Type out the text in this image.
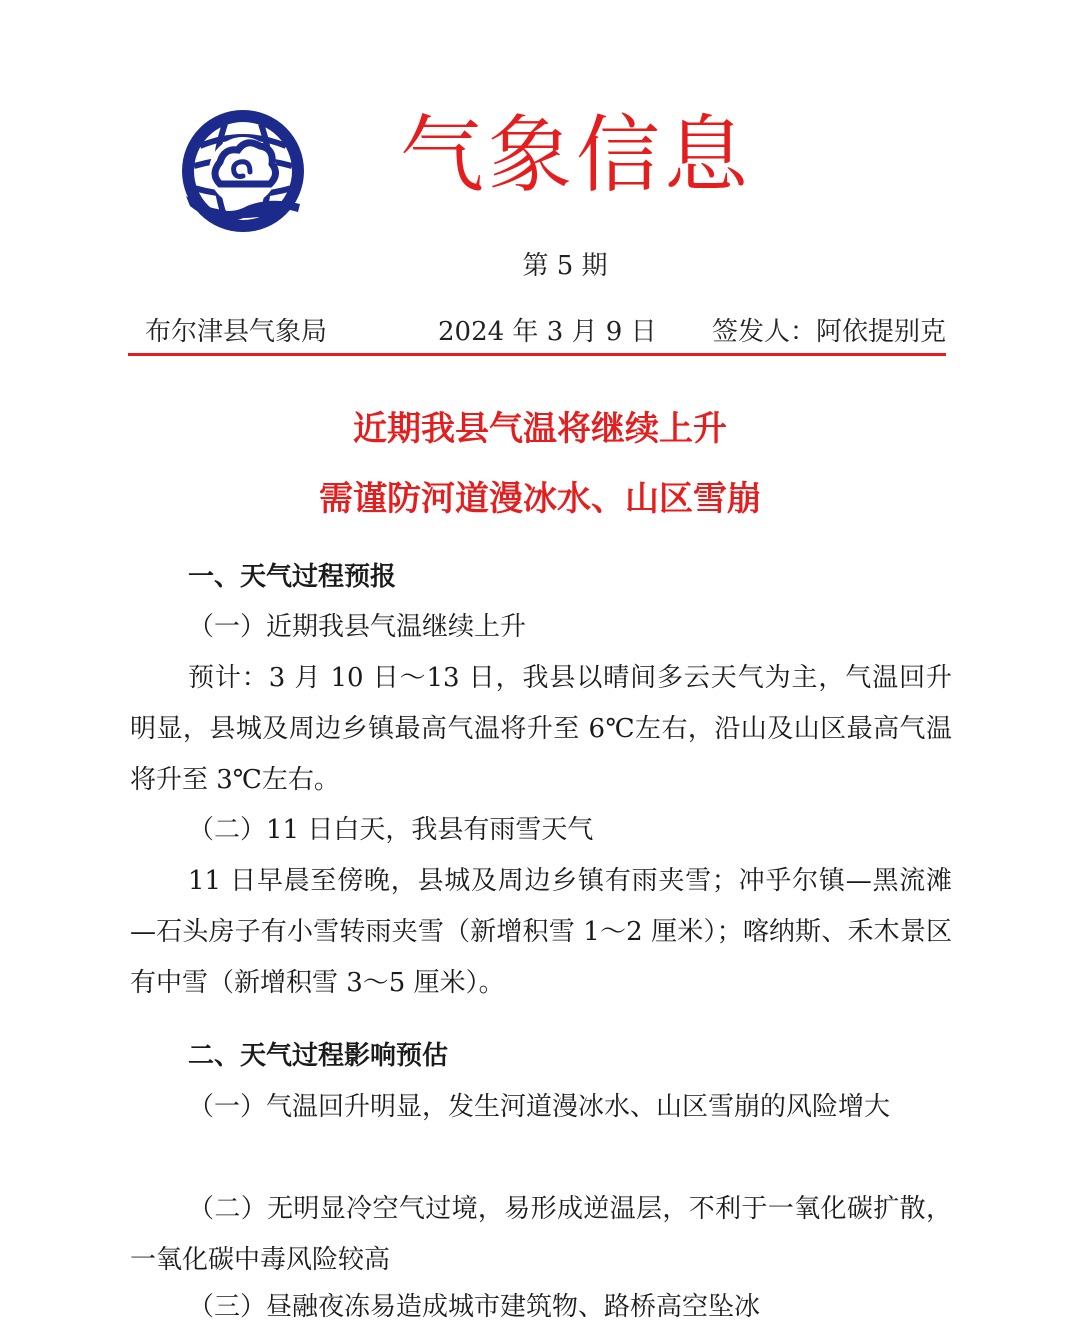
气象信息
第 5 期
布尔津县气象局	2024 年 3 月 9 日 签发人：阿依提别克
近期我县气温将继续上升
需谨防河道漫冰水、山区雪崩
一、天气过程预报
（一）近期我县气温继续上升

预计：3 月 10 日～13 日，我县以晴间多云天气为主，气温回升明显，县城及周边乡镇最高气温将升至 6℃左右，沿山及山区最高气温将升至 3℃左右。

（二）11 日白天，我县有雨雪天气

11 日早晨至傍晚，县城及周边乡镇有雨夹雪；冲乎尔镇—黑流滩—石头房子有小雪转雨夹雪（新增积雪 1～2 厘米）；喀纳斯、禾木景区有中雪（新增积雪 3～5 厘米）。

二、天气过程影响预估

（一）气温回升明显，发生河道漫冰水、山区雪崩的风险增大

（二）无明显冷空气过境，易形成逆温层，不利于一氧化碳扩散，一氧化碳中毒风险较高

（三）昼融夜冻易造成城市建筑物、路桥高空坠冰
